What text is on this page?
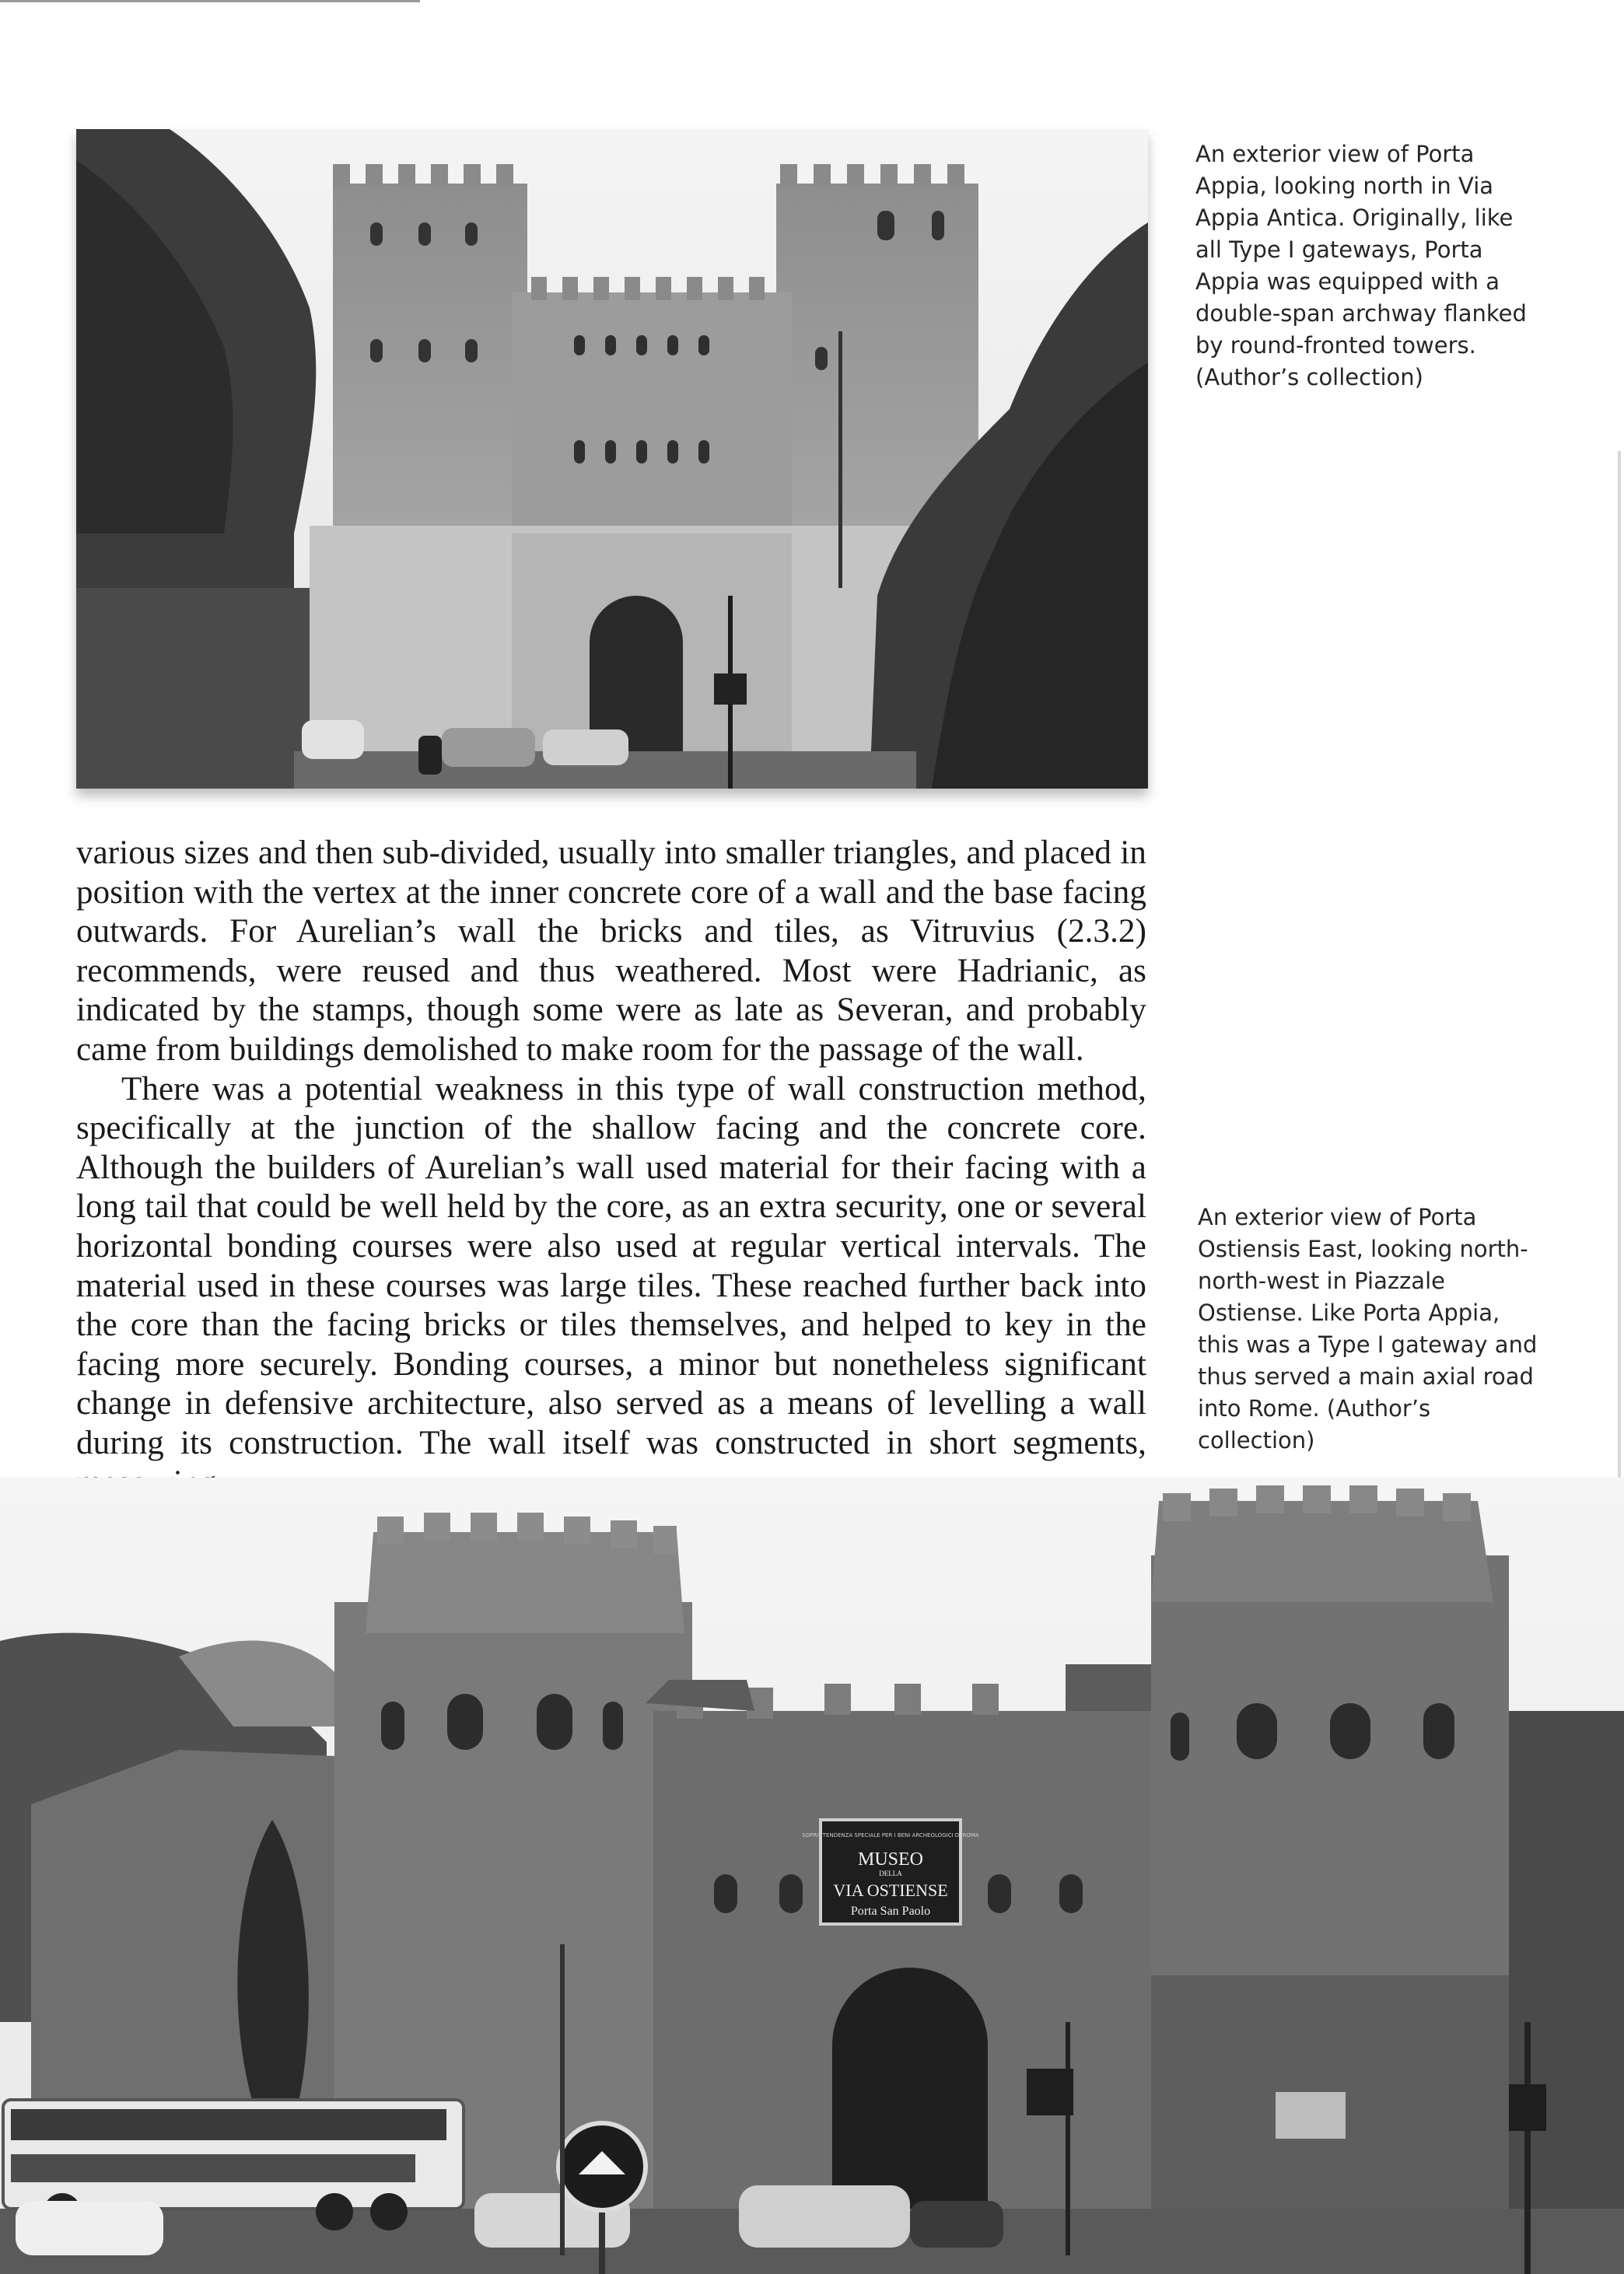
An exterior view of Porta Appia, looking north in Via Appia Antica. Originally, like all Type I gateways, Porta Appia was equipped with a double-span archway flanked by round-fronted towers. (Author’s collection)

various sizes and then sub-divided, usually into smaller triangles, and placed in position with the vertex at the inner concrete core of a wall and the base facing outwards. For Aurelian’s wall the bricks and tiles, as Vitruvius (2.3.2) recommends, were reused and thus weathered. Most were Hadrianic, as indicated by the stamps, though some were as late as Severan, and probably came from buildings demolished to make room for the passage of the wall.

There was a potential weakness in this type of wall construction method, specifically at the junction of the shallow facing and the concrete core. Although the builders of Aurelian’s wall used material for their facing with a long tail that could be well held by the core, as an extra security, one or several horizontal bonding courses were also used at regular vertical intervals. The material used in these courses was large tiles. These reached further back into the core than the facing bricks or tiles themselves, and helped to key in the facing more securely. Bonding courses, a minor but nonetheless significant change in defensive architecture, also served as a means of levelling a wall during its construction. The wall itself was constructed in short segments,

An exterior view of Porta Ostiensis East, looking north-north-west in Piazzale Ostiense. Like Porta Appia, this was a Type I gateway and thus served a main axial road into Rome. (Author’s collection)

SOPRINTENDENZA SPECIALE PER I BENI ARCHEOLOGICI DI ROMA
MUSEO
DELLA
VIA OSTIENSE
Porta San Paolo
